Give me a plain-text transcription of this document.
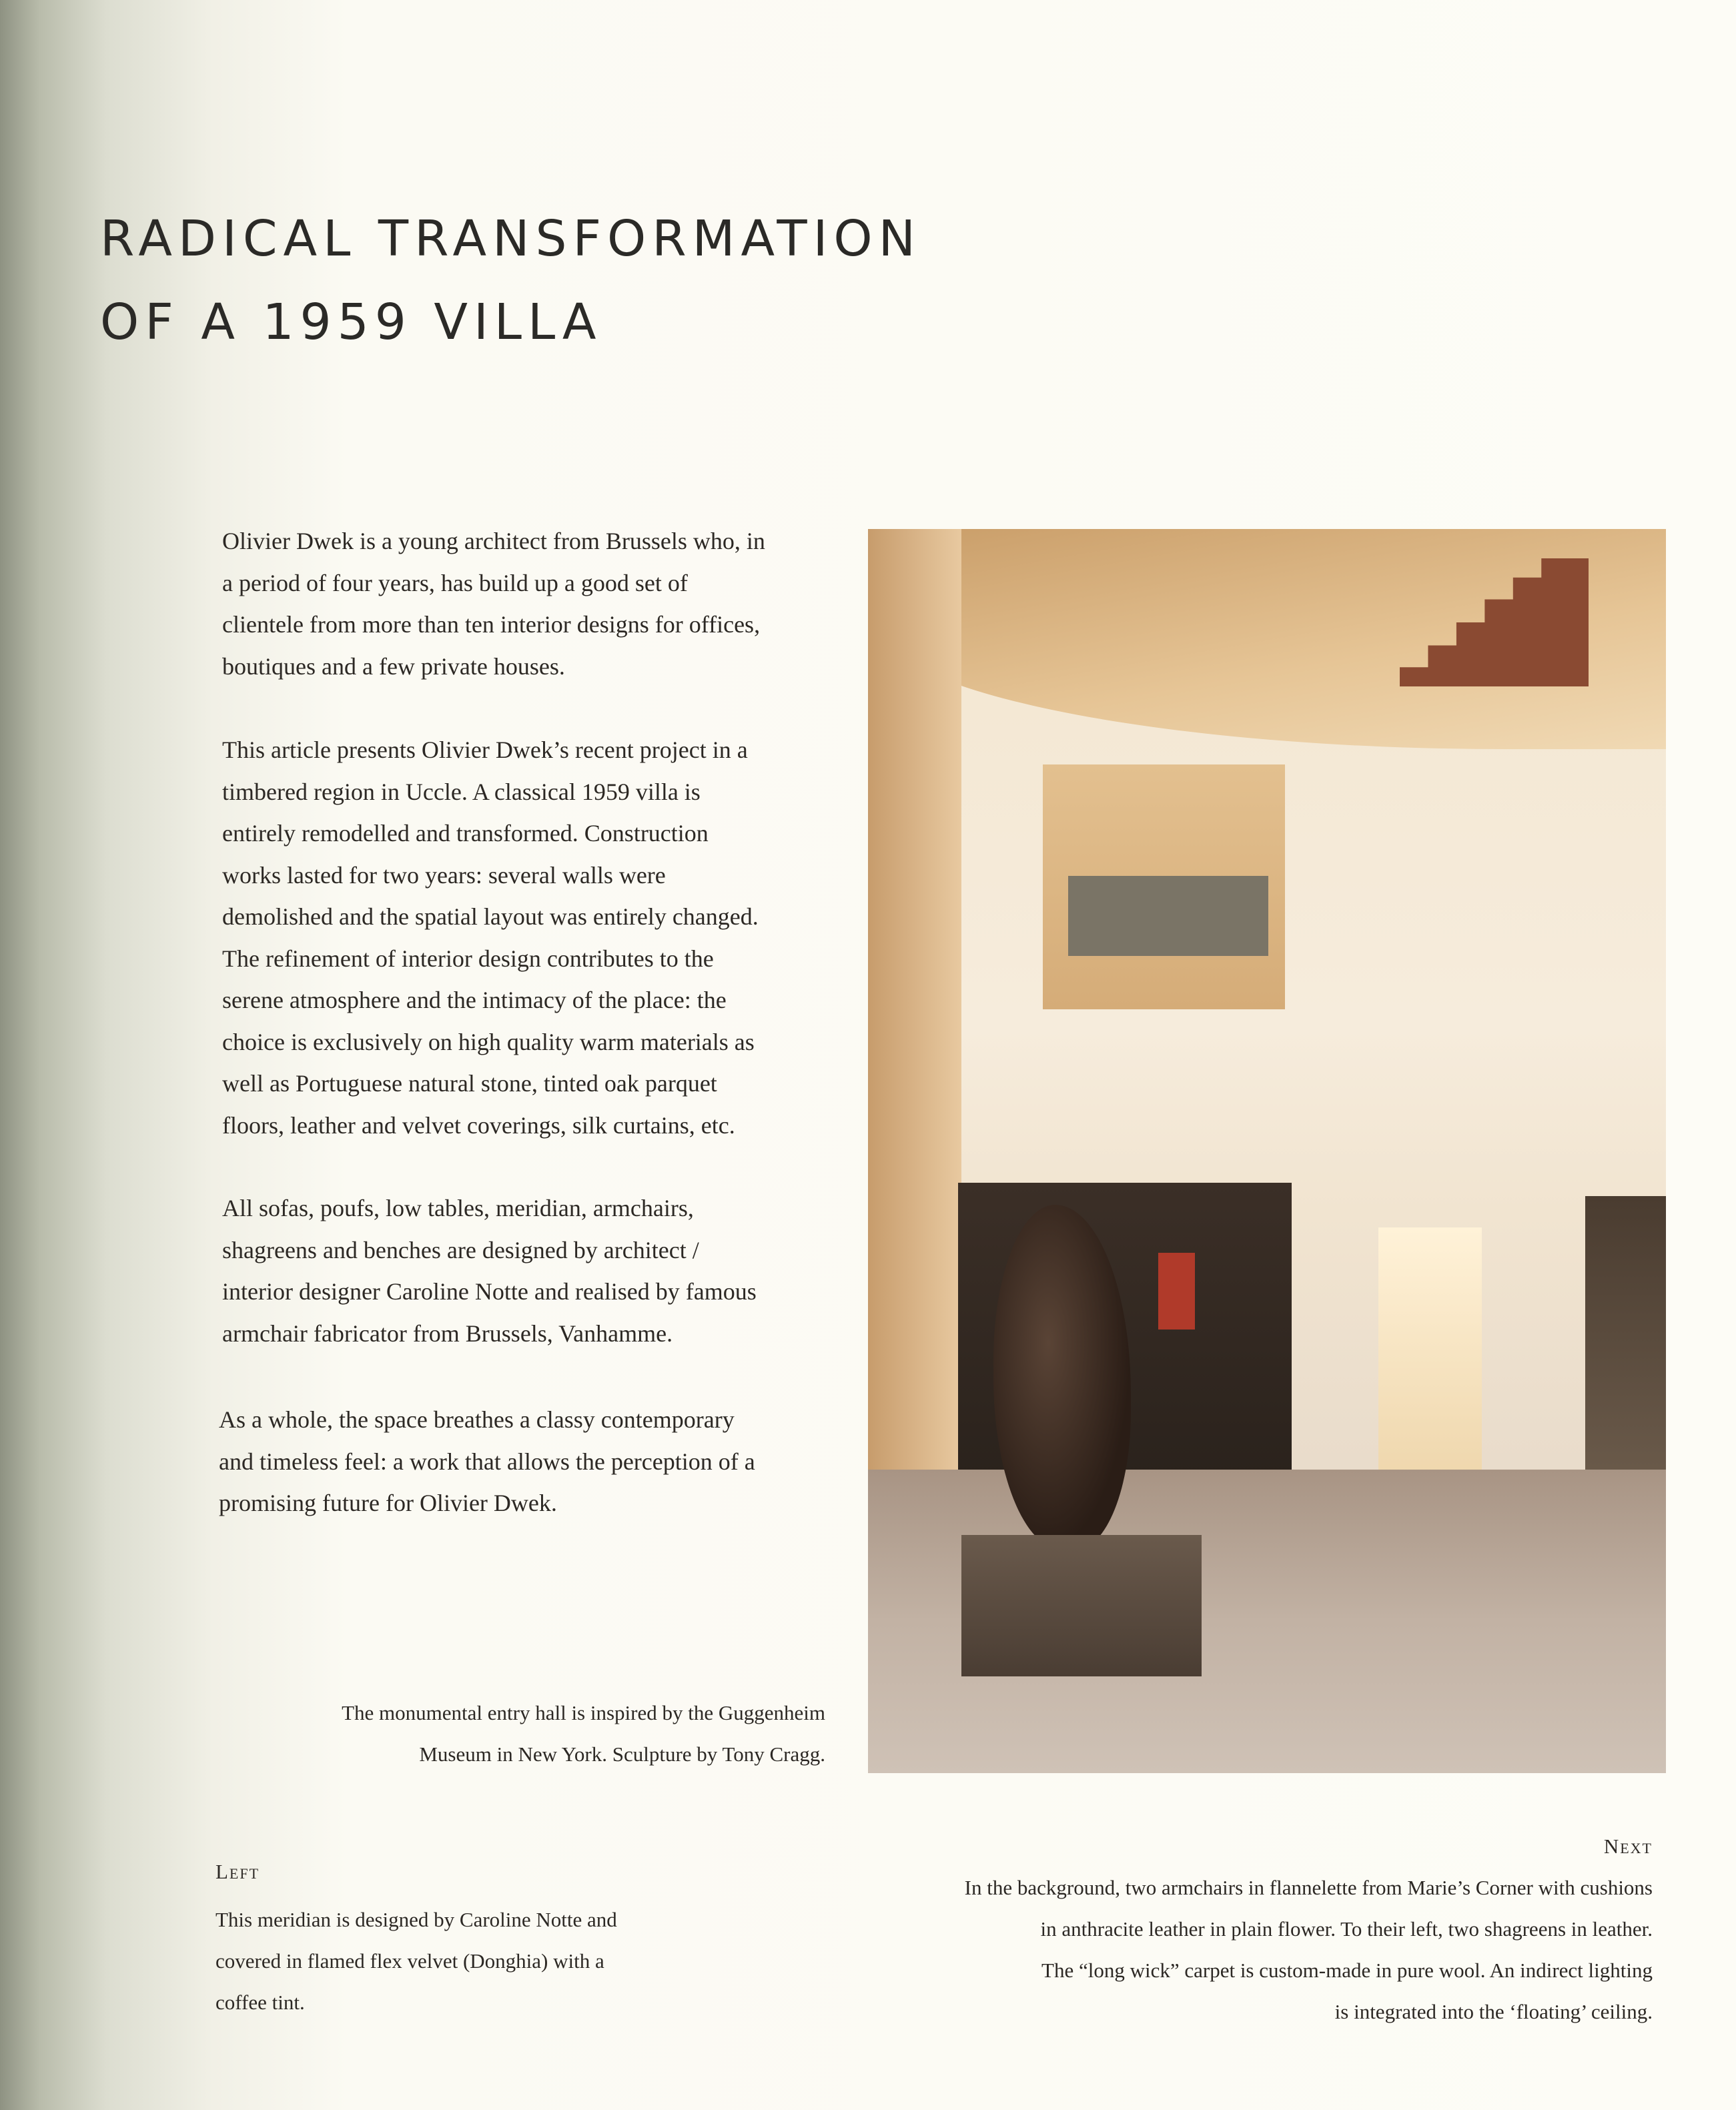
RADICAL TRANSFORMATION
OF A 1959 VILLA
Olivier Dwek is a young architect from Brussels who, in
a period of four years, has build up a good set of
clientele from more than ten interior designs for offices,
boutiques and a few private houses.
This article presents Olivier Dwek’s recent project in a
timbered region in Uccle. A classical 1959 villa is
entirely remodelled and transformed. Construction
works lasted for two years: several walls were
demolished and the spatial layout was entirely changed.
The refinement of interior design contributes to the
serene atmosphere and the intimacy of the place: the
choice is exclusively on high quality warm materials as
well as Portuguese natural stone, tinted oak parquet
floors, leather and velvet coverings, silk curtains, etc.
All sofas, poufs, low tables, meridian, armchairs,
shagreens and benches are designed by architect /
interior designer Caroline Notte and realised by famous
armchair fabricator from Brussels, Vanhamme.
As a whole, the space breathes a classy contemporary
and timeless feel: a work that allows the perception of a
promising future for Olivier Dwek.
The monumental entry hall is inspired by the Guggenheim
Museum in New York. Sculpture by Tony Cragg.
Left
This meridian is designed by Caroline Notte and
covered in flamed flex velvet (Donghia) with a
coffee tint.
Next
In the background, two armchairs in flannelette from Marie’s Corner with cushions
in anthracite leather in plain flower. To their left, two shagreens in leather.
The “long wick” carpet is custom-made in pure wool. An indirect lighting
is integrated into the ‘floating’ ceiling.
